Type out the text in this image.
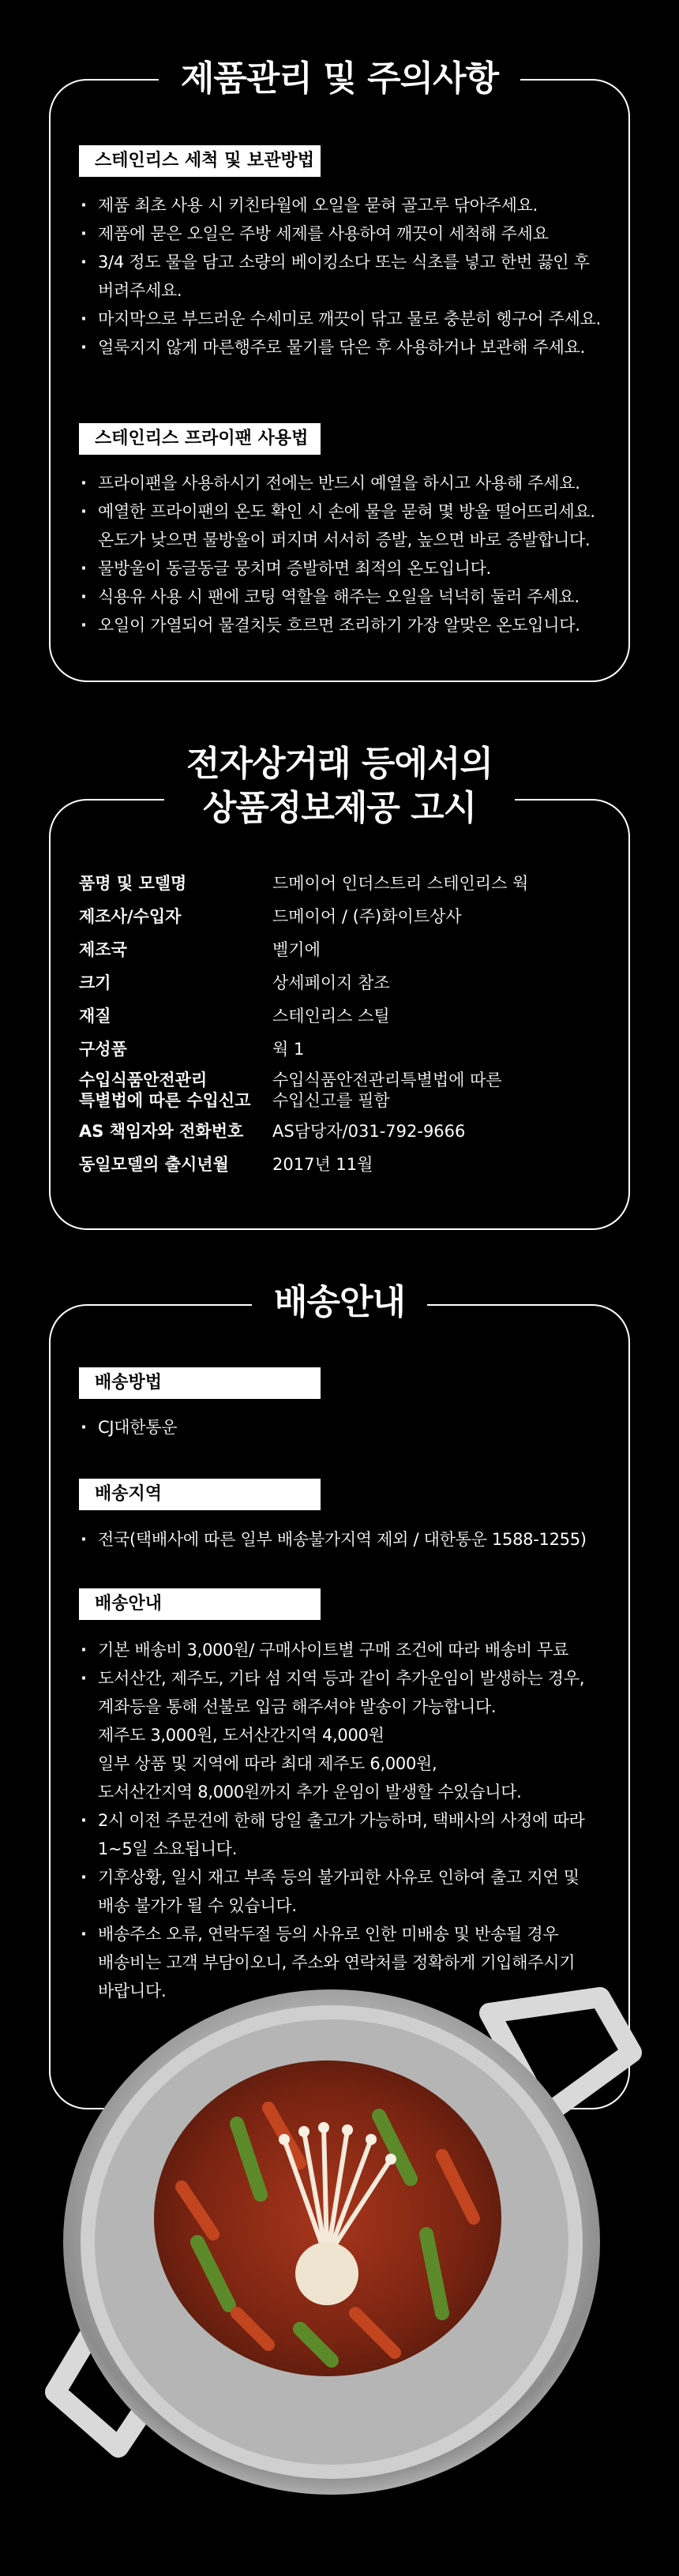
제품관리 및 주의사항
스테인리스 세척 및 보관방법
· 제품 최초 사용 시 키친타월에 오일을 묻혀 골고루 닦아주세요.
· 제품에 묻은 오일은 주방 세제를 사용하여 깨끗이 세척해 주세요
· 3/4 정도 물을 담고 소량의 베이킹소다 또는 식초를 넣고 한번 끓인 후
버려주세요.
· 마지막으로 부드러운 수세미로 깨끗이 닦고 물로 충분히 헹구어 주세요.
· 얼룩지지 않게 마른행주로 물기를 닦은 후 사용하거나 보관해 주세요.
스테인리스 프라이팬 사용법
· 프라이팬을 사용하시기 전에는 반드시 예열을 하시고 사용해 주세요.
· 예열한 프라이팬의 온도 확인 시 손에 물을 묻혀 몇 방울 떨어뜨리세요.
온도가 낮으면 물방울이 퍼지며 서서히 증발, 높으면 바로 증발합니다.
· 물방울이 동글동글 뭉치며 증발하면 최적의 온도입니다.
· 식용유 사용 시 팬에 코팅 역할을 해주는 오일을 넉넉히 둘러 주세요.
· 오일이 가열되어 물결치듯 흐르면 조리하기 가장 알맞은 온도입니다.
전자상거래 등에서의
상품정보제공 고시
품명 및 모델명	드메이어 인더스트리 스테인리스 웍
제조사/수입자	드메이어 / (주)화이트상사
제조국	벨기에
크기	상세페이지 참조
재질	스테인리스 스틸
구성품	웍 1
수입식품안전관리
특별법에 따른 수입신고	수입식품안전관리특별법에 따른
수입신고를 필함
AS 책임자와 전화번호	AS담당자/031-792-9666
동일모델의 출시년월	2017년 11월
배송안내
배송방법
· CJ대한통운
배송지역
· 전국(택배사에 따른 일부 배송불가지역 제외 / 대한통운 1588-1255)
배송안내
· 기본 배송비 3,000원/ 구매사이트별 구매 조건에 따라 배송비 무료
· 도서산간, 제주도, 기타 섬 지역 등과 같이 추가운임이 발생하는 경우,
계좌등을 통해 선불로 입금 해주셔야 발송이 가능합니다.
제주도 3,000원, 도서산간지역 4,000원
일부 상품 및 지역에 따라 최대 제주도 6,000원,
도서산간지역 8,000원까지 추가 운임이 발생할 수있습니다.
· 2시 이전 주문건에 한해 당일 출고가 가능하며, 택배사의 사정에 따라
1~5일 소요됩니다.
· 기후상황, 일시 재고 부족 등의 불가피한 사유로 인하여 출고 지연 및
배송 불가가 될 수 있습니다.
· 배송주소 오류, 연락두절 등의 사유로 인한 미배송 및 반송될 경우
배송비는 고객 부담이오니, 주소와 연락처를 정확하게 기입해주시기
바랍니다.
